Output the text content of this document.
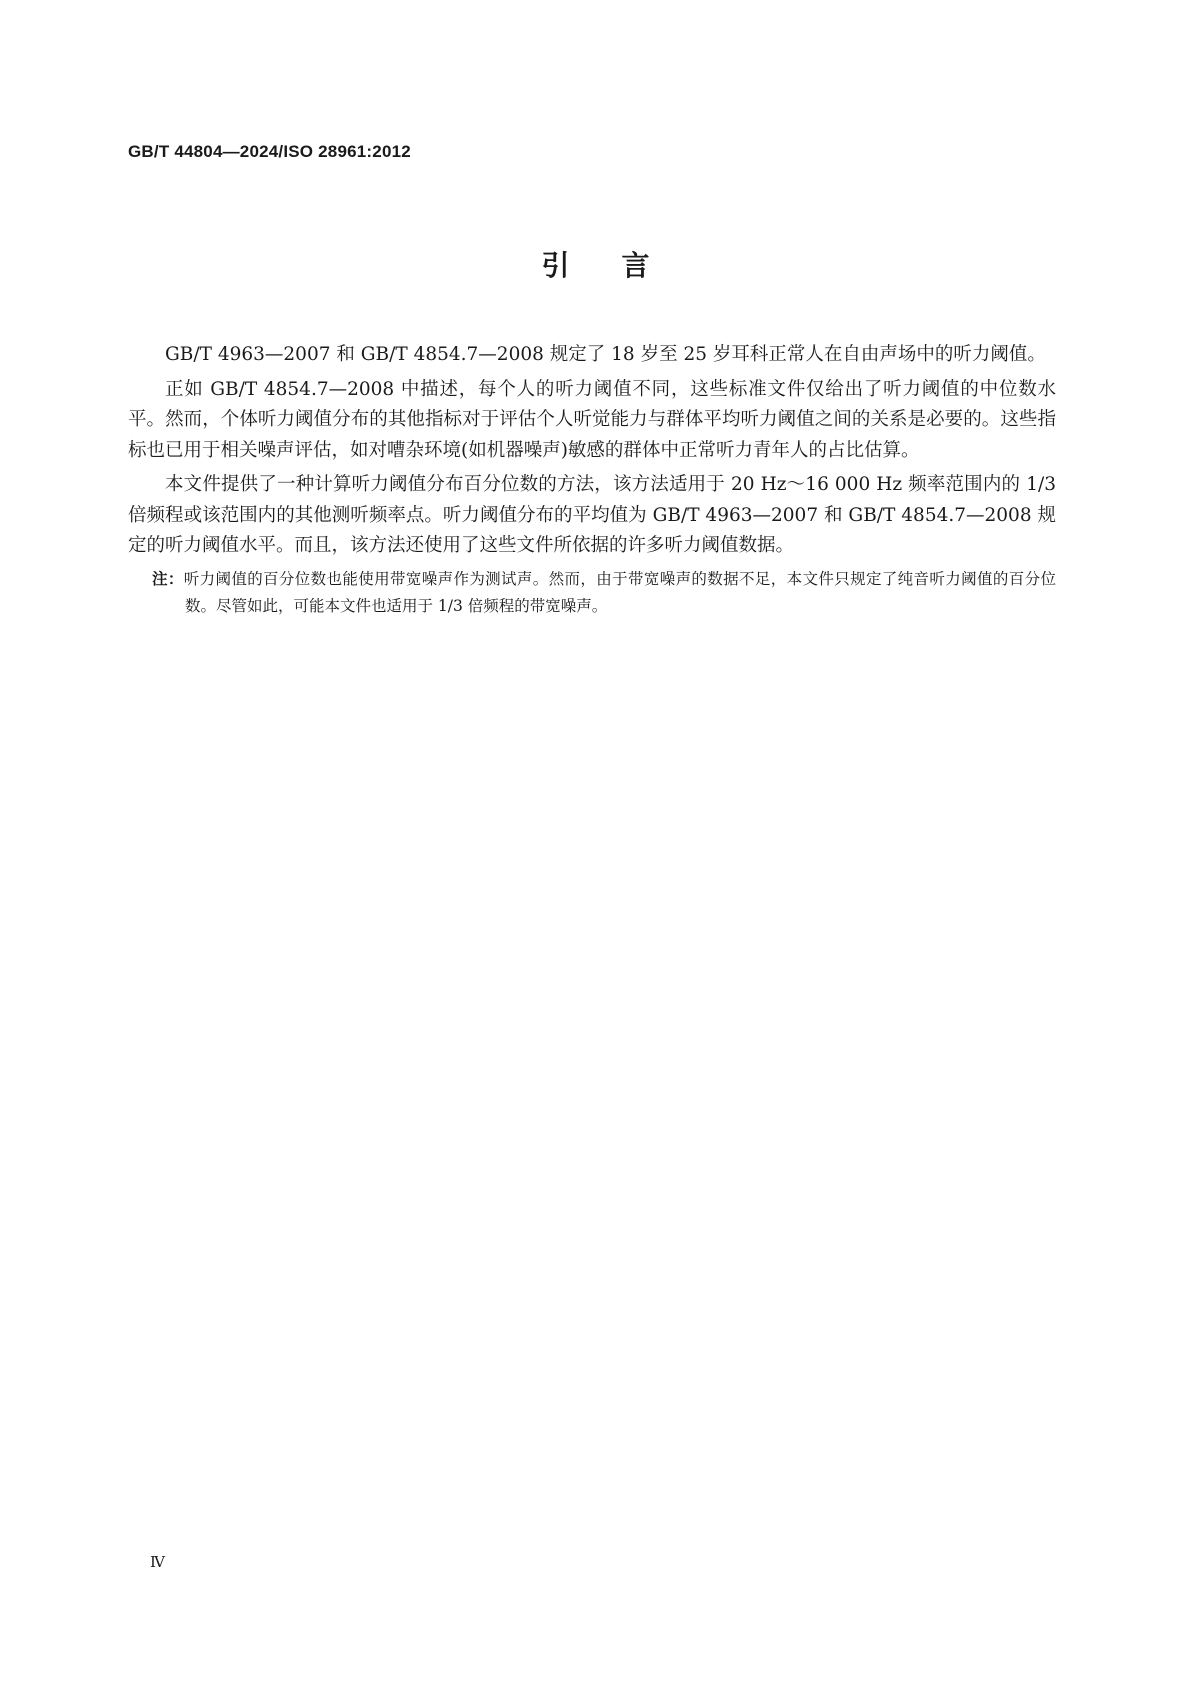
GB/T 44804—2024/ISO 28961:2012
引言

GB/T 4963—2007 和 GB/T 4854.7—2008 规定了 18 岁至 25 岁耳科正常人在自由声场中的听力阈值。

正如 GB/T 4854.7—2008 中描述，每个人的听力阈值不同，这些标准文件仅给出了听力阈值的中位数水平。然而，个体听力阈值分布的其他指标对于评估个人听觉能力与群体平均听力阈值之间的关系是必要的。这些指标也已用于相关噪声评估，如对嘈杂环境(如机器噪声)敏感的群体中正常听力青年人的占比估算。

本文件提供了一种计算听力阈值分布百分位数的方法，该方法适用于 20 Hz～16 000 Hz 频率范围内的 1/3 倍频程或该范围内的其他测听频率点。听力阈值分布的平均值为 GB/T 4963—2007 和 GB/T 4854.7—2008 规定的听力阈值水平。而且，该方法还使用了这些文件所依据的许多听力阈值数据。

注：听力阈值的百分位数也能使用带宽噪声作为测试声。然而，由于带宽噪声的数据不足，本文件只规定了纯音听力阈值的百分位数。尽管如此，可能本文件也适用于 1/3 倍频程的带宽噪声。

Ⅳ
